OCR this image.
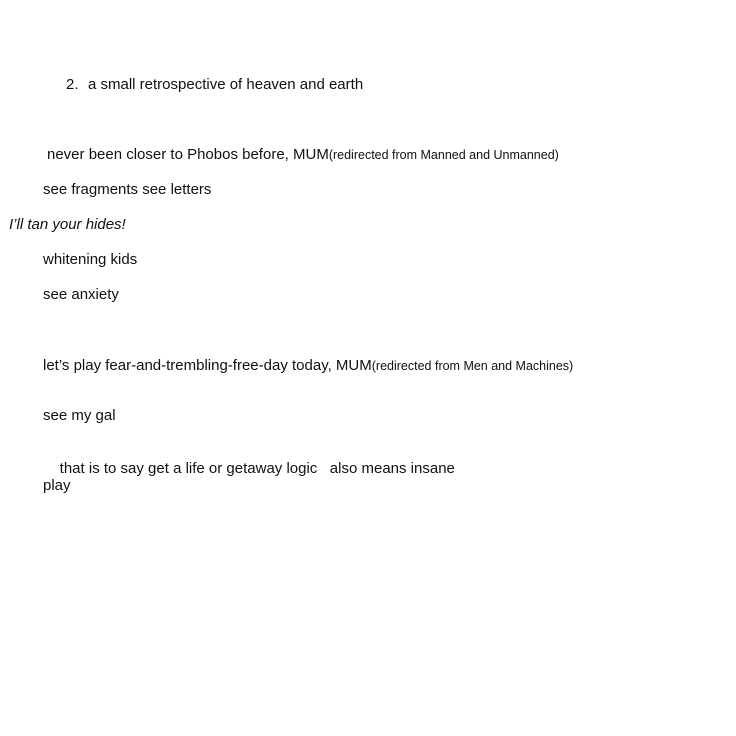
2. a small retrospective of heaven and earth
never been closer to Phobos before, MUM(redirected from Manned and Unmanned)
see fragments see letters
I’ll tan your hides!
whitening kids
see anxiety
let’s play fear-and-trembling-free-day today, MUM(redirected from Men and Machines)
see my gal

that is to say get a life or getaway logic   also means insane

play
